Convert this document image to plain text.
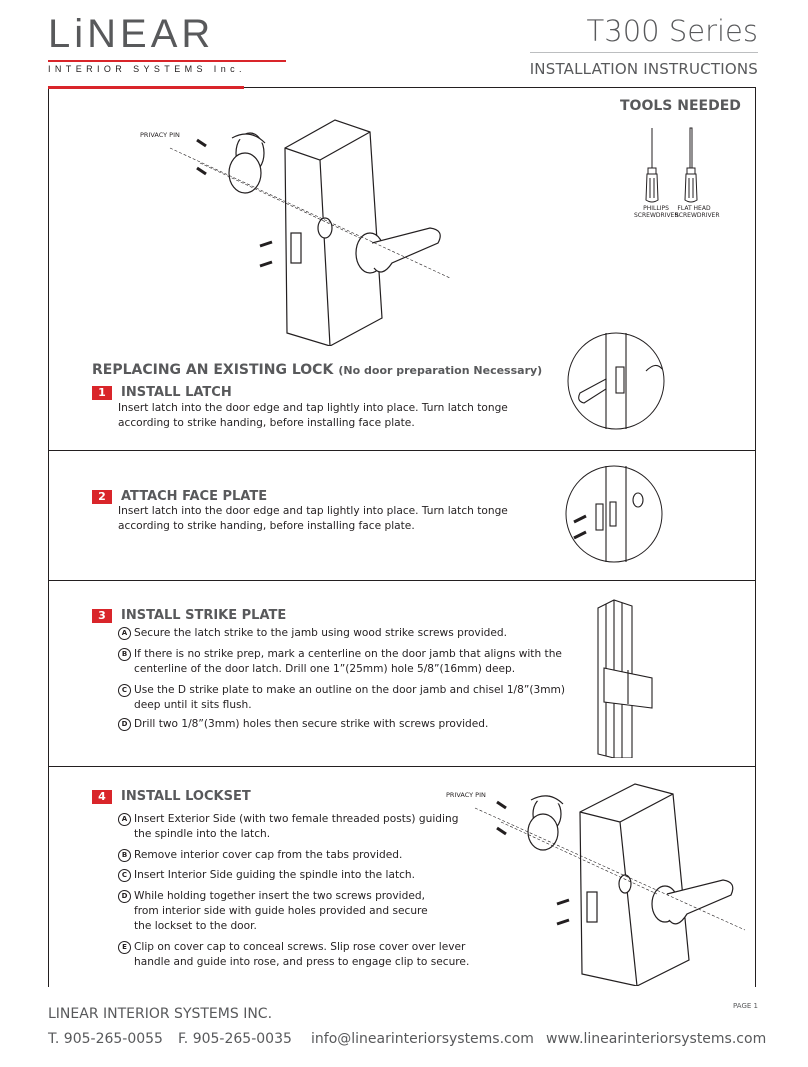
LiNEAR
INTERIOR SYSTEMS Inc.
T300 Series
INSTALLATION INSTRUCTIONS
TOOLS NEEDED
PHILLIPS
SCREWDRIVER
FLAT HEAD
SCREWDRIVER
PRIVACY PIN
REPLACING AN EXISTING LOCK (No door preparation Necessary)
1 INSTALL LATCH
Insert latch into the door edge and tap lightly into place. Turn latch tonge
according to strike handing, before installing face plate.
2 ATTACH FACE PLATE
Insert latch into the door edge and tap lightly into place. Turn latch tonge
according to strike handing, before installing face plate.
3 INSTALL STRIKE PLATE
A Secure the latch strike to the jamb using wood strike screws provided.
B If there is no strike prep, mark a centerline on the door jamb that aligns with the
centerline of the door latch. Drill one 1”(25mm) hole 5/8”(16mm) deep.
C Use the D strike plate to make an outline on the door jamb and chisel 1/8”(3mm)
deep until it sits flush.
D Drill two 1/8”(3mm) holes then secure strike with screws provided.
4 INSTALL LOCKSET
A Insert Exterior Side (with two female threaded posts) guiding
the spindle into the latch.
B Remove interior cover cap from the tabs provided.
C Insert Interior Side guiding the spindle into the latch.
D While holding together insert the two screws provided,
from interior side with guide holes provided and secure
the lockset to the door.
E Clip on cover cap to conceal screws. Slip rose cover over lever
handle and guide into rose, and press to engage clip to secure.
PRIVACY PIN
LINEAR INTERIOR SYSTEMS INC.	PAGE 1
T. 905-265-0055 F. 905-265-0035 info@linearinteriorsystems.com www.linearinteriorsystems.com
